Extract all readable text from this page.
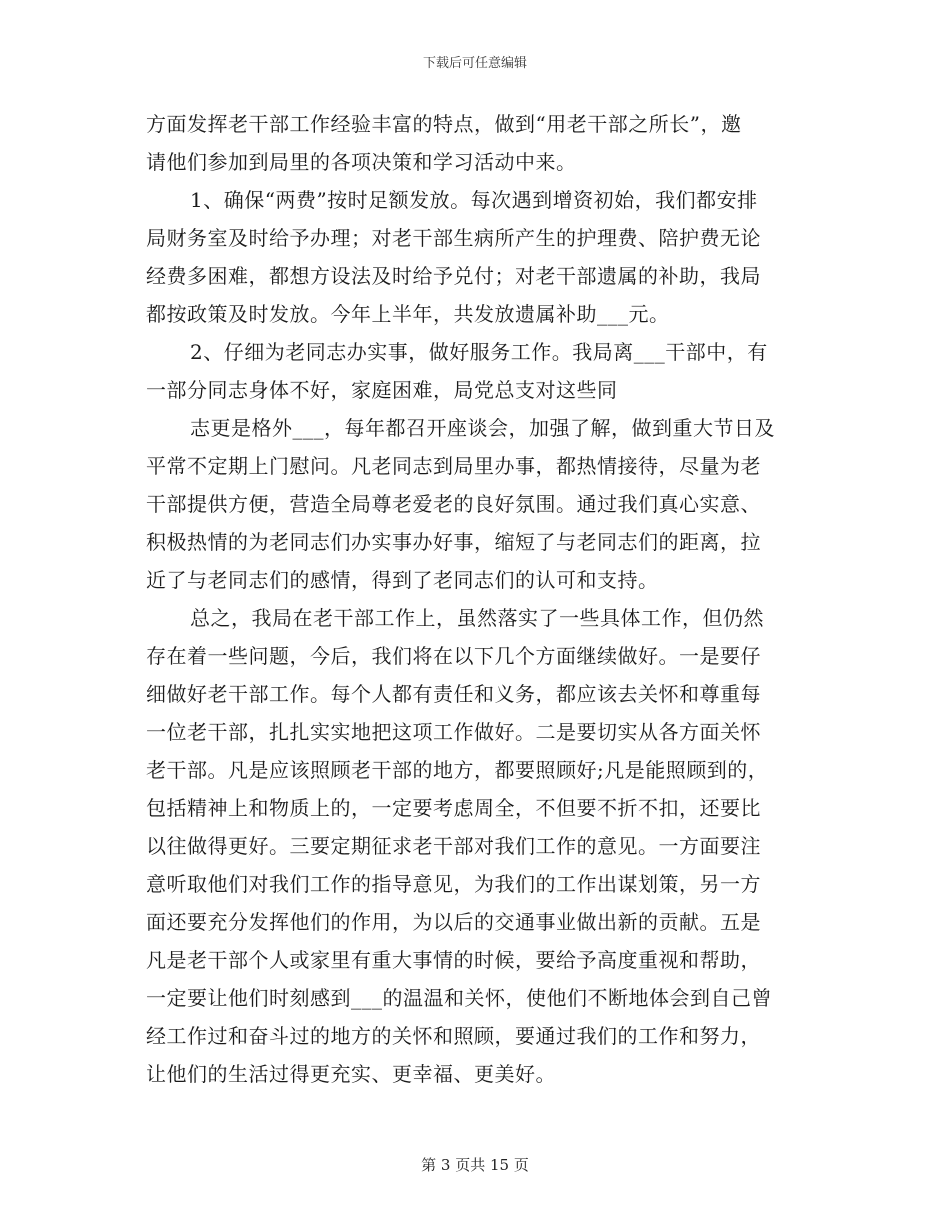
下载后可任意编辑
方面发挥老干部工作经验丰富的特点，做到“用老干部之所长”，邀
请他们参加到局里的各项决策和学习活动中来。
1、确保“两费”按时足额发放。每次遇到增资初始，我们都安排
局财务室及时给予办理；对老干部生病所产生的护理费、陪护费无论
经费多困难，都想方设法及时给予兑付；对老干部遗属的补助，我局
都按政策及时发放。今年上半年，共发放遗属补助___元。
2、仔细为老同志办实事，做好服务工作。我局离___干部中，有
一部分同志身体不好，家庭困难，局党总支对这些同
志更是格外___，每年都召开座谈会，加强了解，做到重大节日及
平常不定期上门慰问。凡老同志到局里办事，都热情接待，尽量为老
干部提供方便，营造全局尊老爱老的良好氛围。通过我们真心实意、
积极热情的为老同志们办实事办好事，缩短了与老同志们的距离，拉
近了与老同志们的感情，得到了老同志们的认可和支持。
总之，我局在老干部工作上，虽然落实了一些具体工作，但仍然
存在着一些问题，今后，我们将在以下几个方面继续做好。一是要仔
细做好老干部工作。每个人都有责任和义务，都应该去关怀和尊重每
一位老干部，扎扎实实地把这项工作做好。二是要切实从各方面关怀
老干部。凡是应该照顾老干部的地方，都要照顾好;凡是能照顾到的，
包括精神上和物质上的，一定要考虑周全，不但要不折不扣，还要比
以往做得更好。三要定期征求老干部对我们工作的意见。一方面要注
意听取他们对我们工作的指导意见，为我们的工作出谋划策，另一方
面还要充分发挥他们的作用，为以后的交通事业做出新的贡献。五是
凡是老干部个人或家里有重大事情的时候，要给予高度重视和帮助，
一定要让他们时刻感到___的温温和关怀，使他们不断地体会到自己曾
经工作过和奋斗过的地方的关怀和照顾，要通过我们的工作和努力，
让他们的生活过得更充实、更幸福、更美好。
第 3 页共 15 页
